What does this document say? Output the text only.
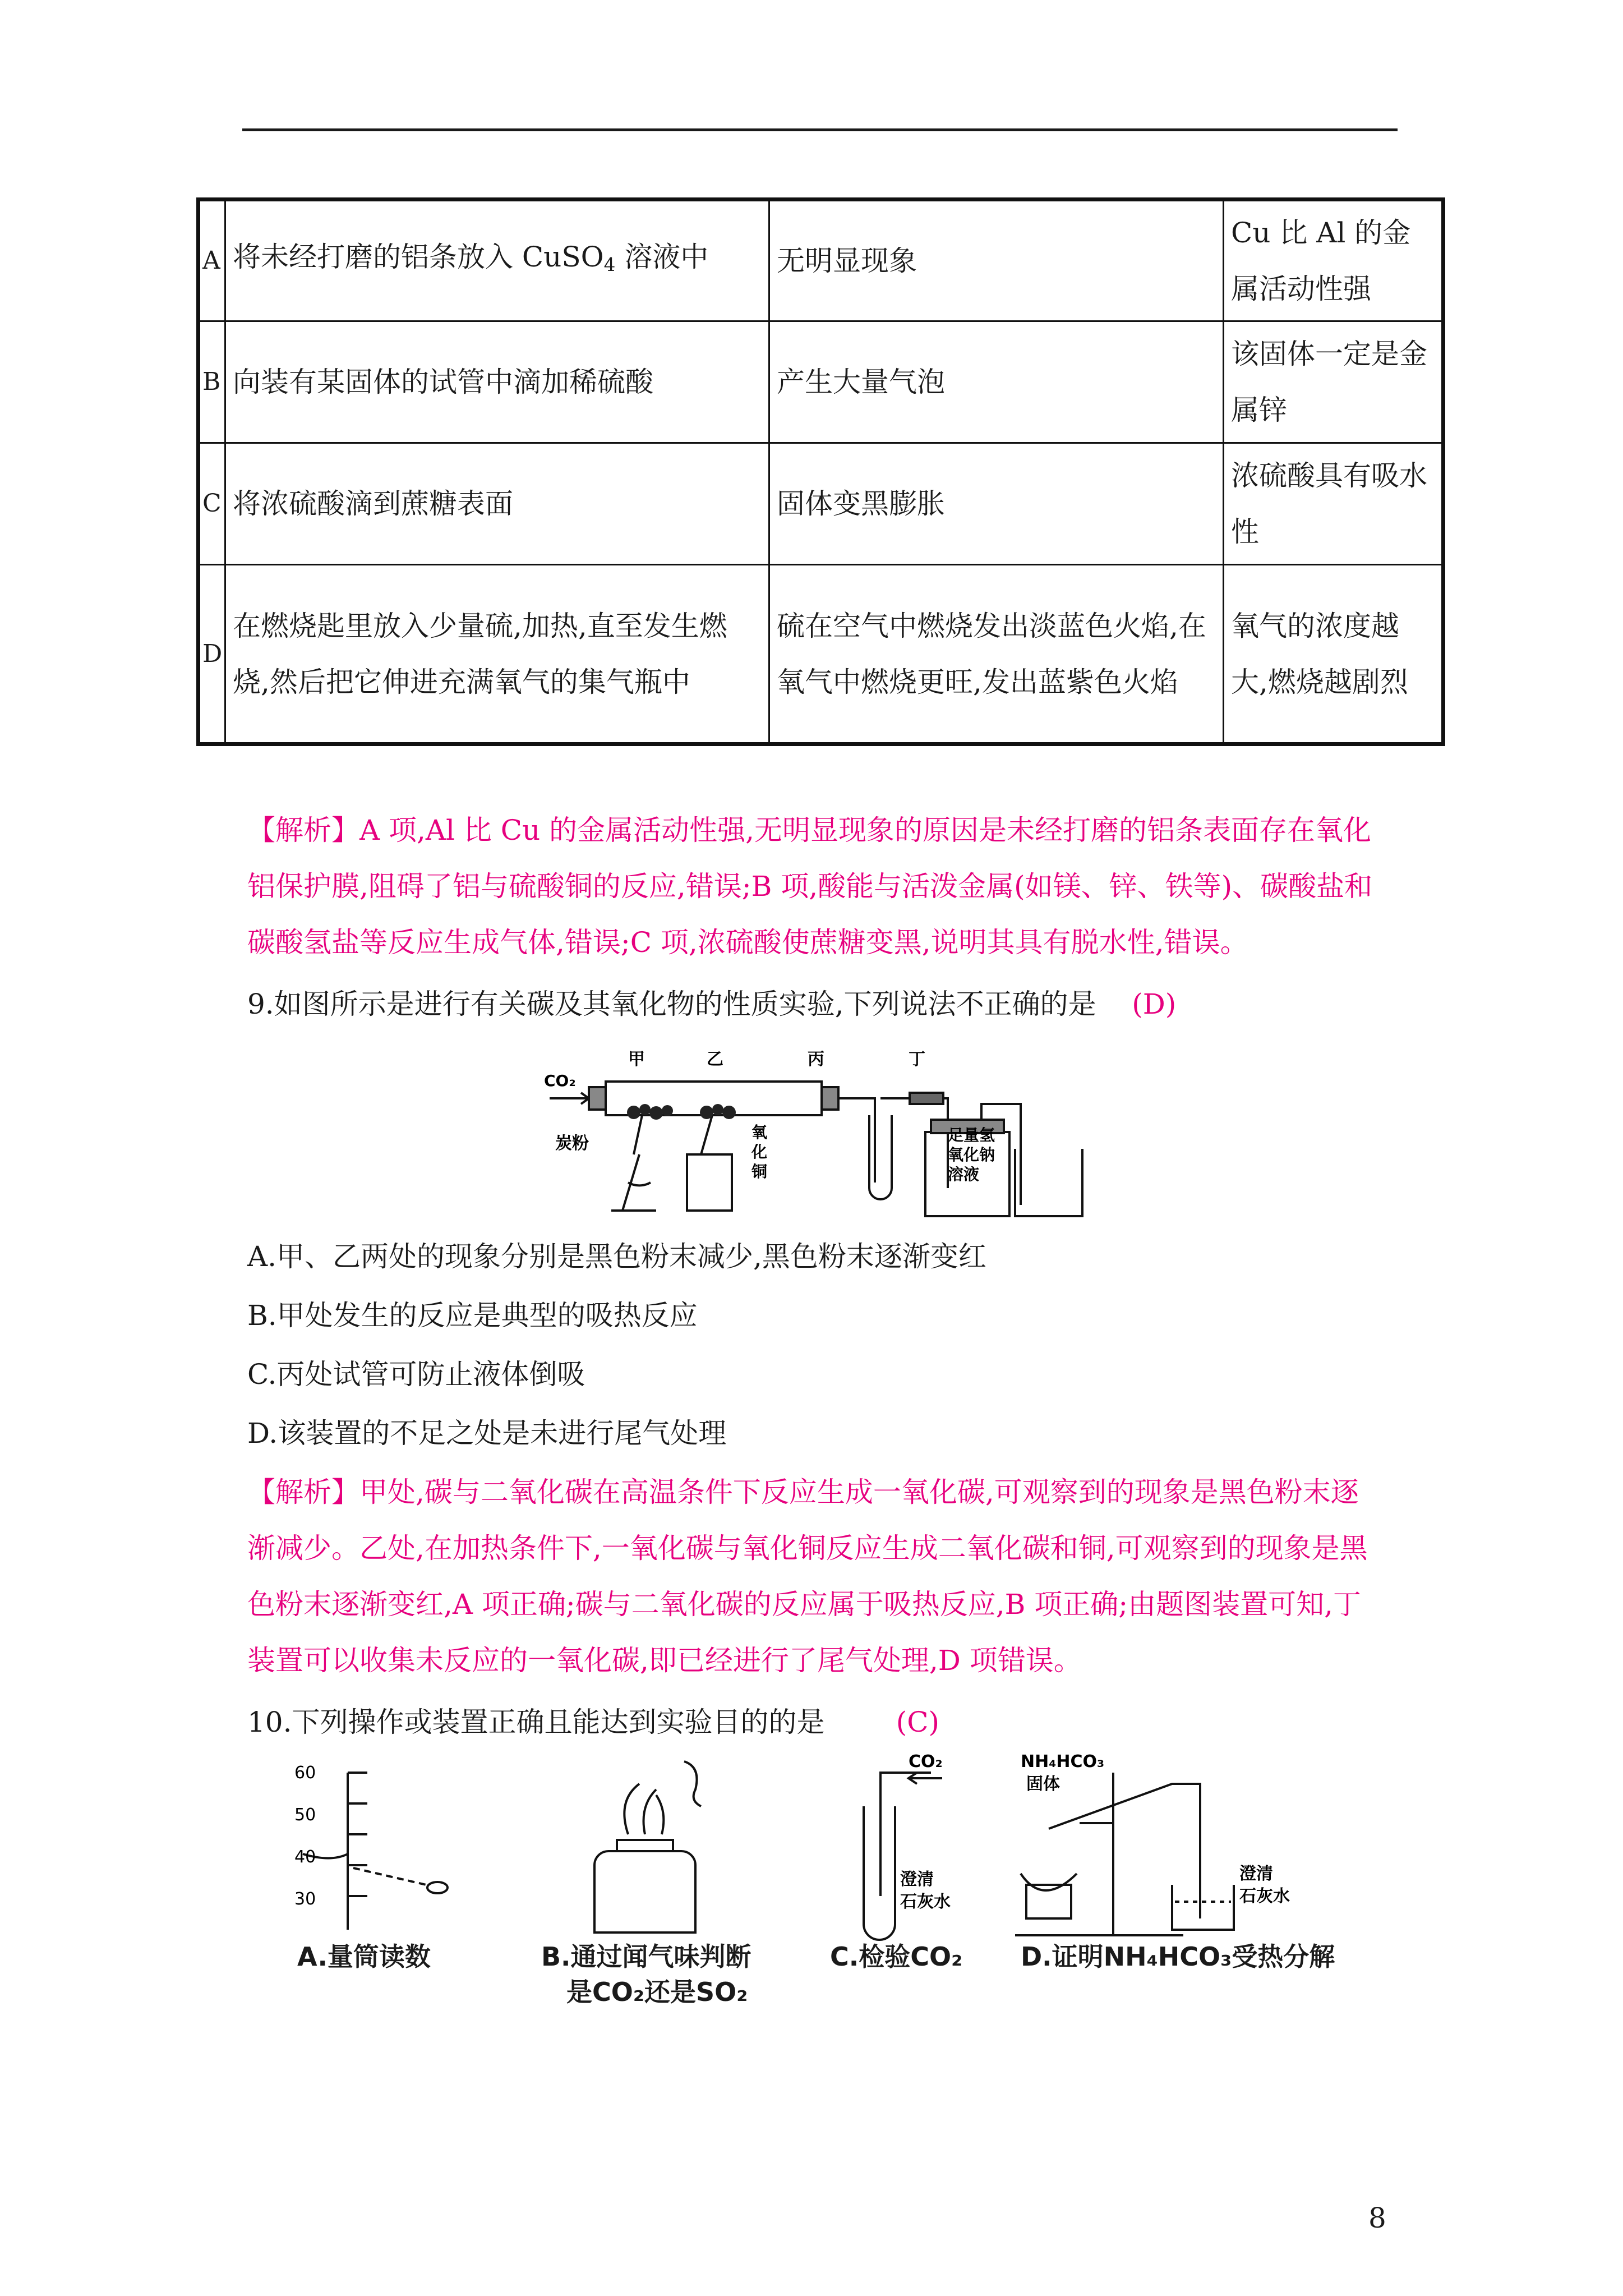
A	将未经打磨的铝条放入 CuSO$_4$ 溶液中	无明显现象	Cu 比 Al 的金属活动性强
B	向装有某固体的试管中滴加稀硫酸	产生大量气泡	该固体一定是金属锌
C	将浓硫酸滴到蔗糖表面	固体变黑膨胀	浓硫酸具有吸水性
D	在燃烧匙里放入少量硫,加热,直至发生燃烧,然后把它伸进充满氧气的集气瓶中	硫在空气中燃烧发出淡蓝色火焰,在氧气中燃烧更旺,发出蓝紫色火焰	氧气的浓度越大,燃烧越剧烈
【解析】A 项,Al 比 Cu 的金属活动性强,无明显现象的原因是未经打磨的铝条表面存在氧化铝保护膜,阻碍了铝与硫酸铜的反应,错误;B 项,酸能与活泼金属(如镁、锌、铁等)、碳酸盐和碳酸氢盐等反应生成气体,错误;C 项,浓硫酸使蔗糖变黑,说明其具有脱水性,错误。
9.如图所示是进行有关碳及其氧化物的性质实验,下列说法不正确的是 (D)
CO₂
甲	乙	丙	丁
炭粉
氧
化
铜
足量氢
氧化钠
溶液
A.甲、乙两处的现象分别是黑色粉末减少,黑色粉末逐渐变红
B.甲处发生的反应是典型的吸热反应
C.丙处试管可防止液体倒吸
D.该装置的不足之处是未进行尾气处理
【解析】甲处,碳与二氧化碳在高温条件下反应生成一氧化碳,可观察到的现象是黑色粉末逐渐减少。乙处,在加热条件下,一氧化碳与氧化铜反应生成二氧化碳和铜,可观察到的现象是黑色粉末逐渐变红,A 项正确;碳与二氧化碳的反应属于吸热反应,B 项正确;由题图装置可知,丁装置可以收集未反应的一氧化碳,即已经进行了尾气处理,D 项错误。
10.下列操作或装置正确且能达到实验目的的是	(C)
60
50
40
30
CO₂
澄清
石灰水
NH₄HCO₃
固体
澄清
石灰水
A.量筒读数	B.通过闻气味判断
是CO₂还是SO₂
C.检验CO₂ D.证明NH₄HCO₃受热分解
8
